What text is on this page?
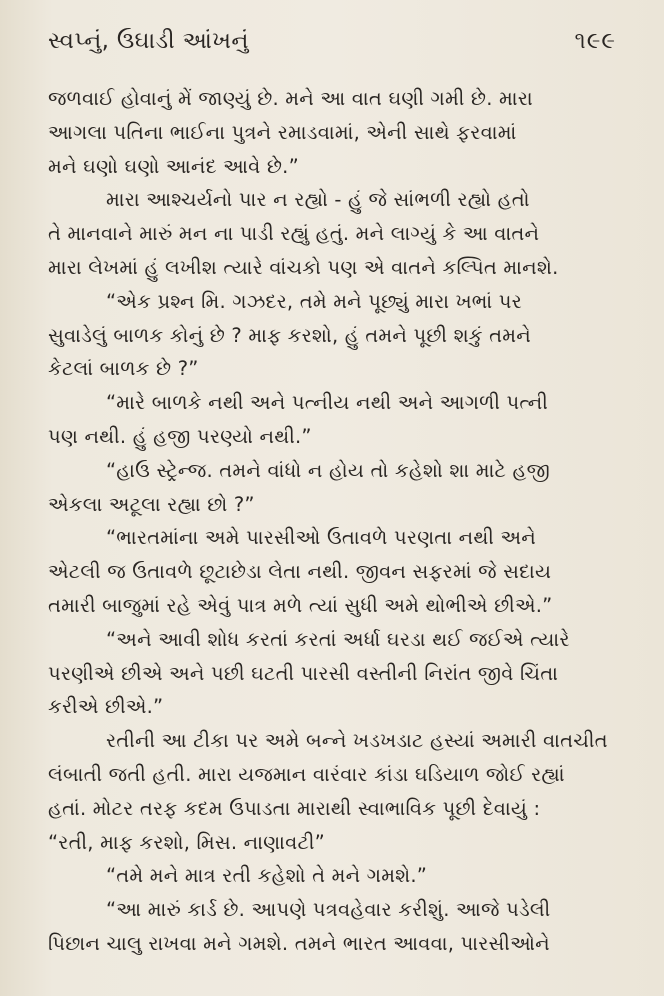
સ્વપ્નું, ઉઘાડી આંખનું	૧૯૯
જળવાઈ હોવાનું મેં જાણ્યું છે. મને આ વાત ઘણી ગમી છે. મારા
આગલા પતિના ભાઈના પુત્રને રમાડવામાં, એની સાથે ફરવામાં
મને ઘણો ઘણો આનંદ આવે છે.”
મારા આશ્ચર્યનો પાર ન રહ્યો - હું જે સાંભળી રહ્યો હતો
તે માનવાને મારું મન ના પાડી રહ્યું હતું. મને લાગ્યું કે આ વાતને
મારા લેખમાં હું લખીશ ત્યારે વાંચકો પણ એ વાતને કલ્પિત માનશે.
“એક પ્રશ્ન મિ. ગઝદર, તમે મને પૂછ્યું મારા ખભાં પર
સુવાડેલું બાળક કોનું છે ? માફ કરશો, હું તમને પૂછી શકું તમને
કેટલાં બાળક છે ?”
“મારે બાળકે નથી અને પત્નીય નથી અને આગળી પત્ની
પણ નથી. હું હજી પરણ્યો નથી.”
“હાઉ સ્ટ્રેન્જ. તમને વાંધો ન હોય તો કહેશો શા માટે હજી
એકલા અટૂલા રહ્યા છો ?”
“ભારતમાંના અમે પારસીઓ ઉતાવળે પરણતા નથી અને
એટલી જ ઉતાવળે છૂટાછેડા લેતા નથી. જીવન સફરમાં જે સદાય
તમારી બાજુમાં રહે એવું પાત્ર મળે ત્યાં સુધી અમે થોભીએ છીએ.”
“અને આવી શોધ કરતાં કરતાં અર્ધા ઘરડા થઈ જઈએ ત્યારે
પરણીએ છીએ અને પછી ઘટતી પારસી વસ્તીની નિરાંત જીવે ચિંતા
કરીએ છીએ.”
રતીની આ ટીકા પર અમે બન્ને ખડખડાટ હસ્યાં અમારી વાતચીત
લંબાતી જતી હતી. મારા યજમાન વારંવાર કાંડા ઘડિયાળ જોઈ રહ્યાં
હતાં. મોટર તરફ કદમ ઉપાડતા મારાથી સ્વાભાવિક પૂછી દેવાયું :
“રતી, માફ કરશો, મિસ. નાણાવટી”
“તમે મને માત્ર રતી કહેશો તે મને ગમશે.”
“આ મારું કાર્ડ છે. આપણે પત્રવહેવાર કરીશું. આજે પડેલી
પિછાન ચાલુ રાખવા મને ગમશે. તમને ભારત આવવા, પારસીઓને
